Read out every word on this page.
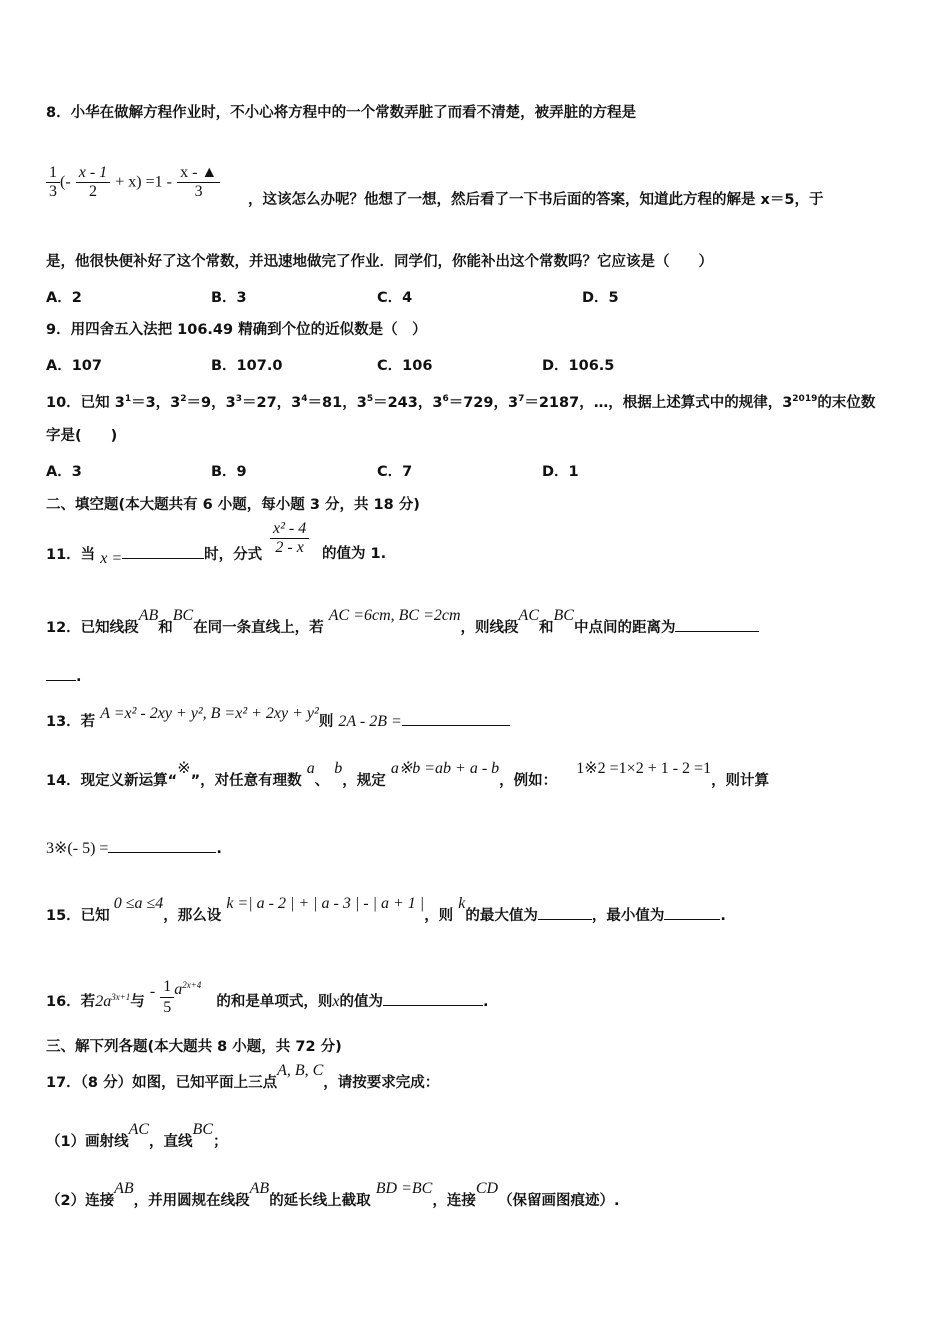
8．小华在做解方程作业时，不小心将方程中的一个常数弄脏了而看不清楚，被弄脏的方程是
$\frac{1}{3}$ (- $\frac{x - 1}{2} + x) =1 - \frac{x - ▲}{3}$ ，这该怎么办呢？他想了一想，然后看了一下书后面的答案，知道此方程的解是 x＝5，于
是，他很快便补好了这个常数，并迅速地做完了作业．同学们，你能补出这个常数吗？它应该是（　　）
A．2	B．3	C．4	D．5
9．用四舍五入法把 106.49 精确到个位的近似数是（　）
A．107	B．107.0	C．106	D．106.5
10．已知 $3^1=3$，$3^2=9$，$3^3=27$，$3^4=81$，$3^5=243$，$3^6=729$，$3^7=2187$，…，根据上述算式中的规律，$3^{2019}$的末位数
字是(　　)
A．3	B．9	C．7	D．1
二、填空题(本大题共有 6 小题，每小题 3 分，共 18 分)
11．当 x =	时，分式 $\frac{\text{x² - 4}}{2 - x}$ 的值为 1.
12．已知线段AB和BC在同一条直线上，若 AC =6cm, BC =2cm，则线段AC和BC中点间的距离为
.
13．若 A =x² - 2xy + y², B =x² + 2xy + y²则 2A - 2B =
14．现定义新运算“※”，对任意有理数 a、 b，规定 a※b =ab + a - b，例如： 1※2 =1×2 + 1 - 2 =1，则计算
3※(- 5) =	.
15．已知0 ≤a ≤4，那么设 k =| a - 2 | + | a - 3 | - | a + 1 |，则 k的最大值为	，最小值为	.
16．若$2a^{3x+1}$与 - $\frac{1}{5} a^{2x+4}$ 的和是单项式，则x的值为	.
三、解下列各题(本大题共 8 小题，共 72 分)
17．（8 分）如图，已知平面上三点A, B, C，请按要求完成：
（1）画射线AC，直线BC；
（2）连接AB，并用圆规在线段AB的延长线上截取 BD =BC，连接CD（保留画图痕迹）.
